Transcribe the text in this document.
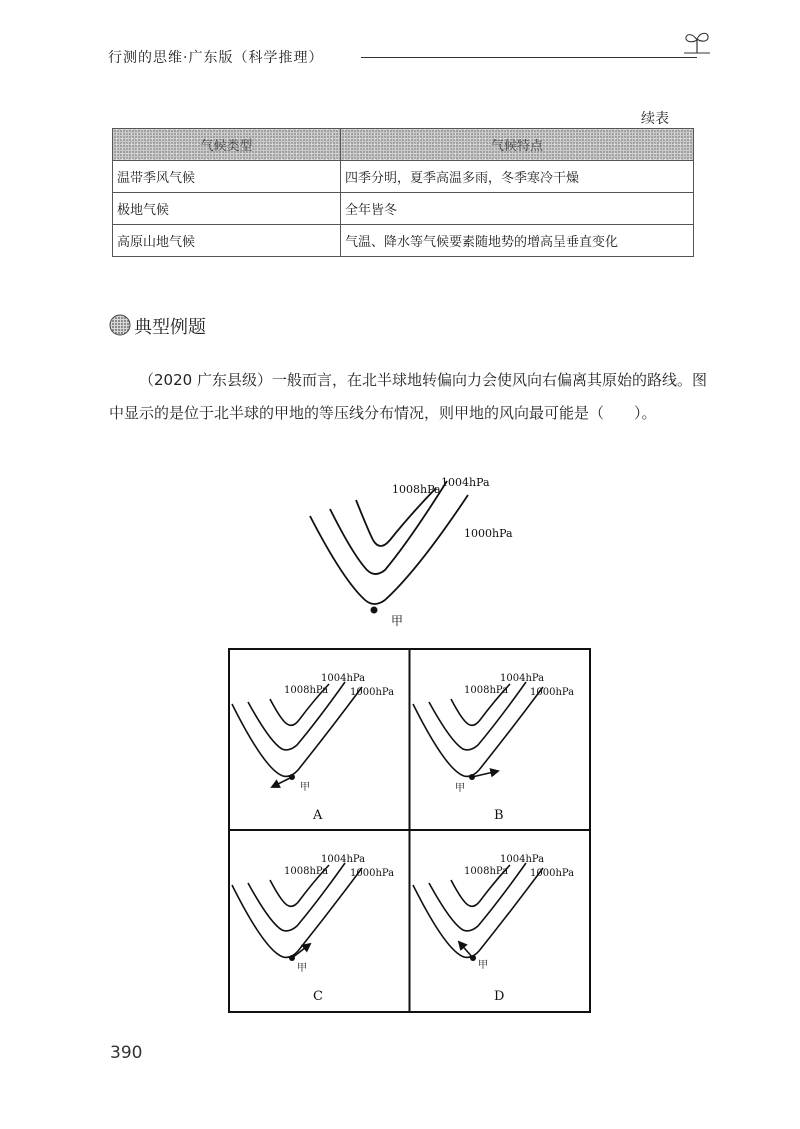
行测的思维·广东版（科学推理）
续表
气候类型	气候特点
温带季风气候	四季分明，夏季高温多雨，冬季寒冷干燥
极地气候	全年皆冬
高原山地气候	气温、降水等气候要素随地势的增高呈垂直变化
典型例题

（2020 广东县级）一般而言，在北半球地转偏向力会使风向右偏离其原始的路线。图中显示的是位于北半球的甲地的等压线分布情况，则甲地的风向最可能是（　　）。

1008hPa
1004hPa
1000hPa
甲
1008hPa
1004hPa
1000hPa
甲
A
1008hPa
1004hPa
1000hPa
甲
B
1008hPa
1004hPa
1000hPa
甲
C
1008hPa
1004hPa
1000hPa
甲
D
390
